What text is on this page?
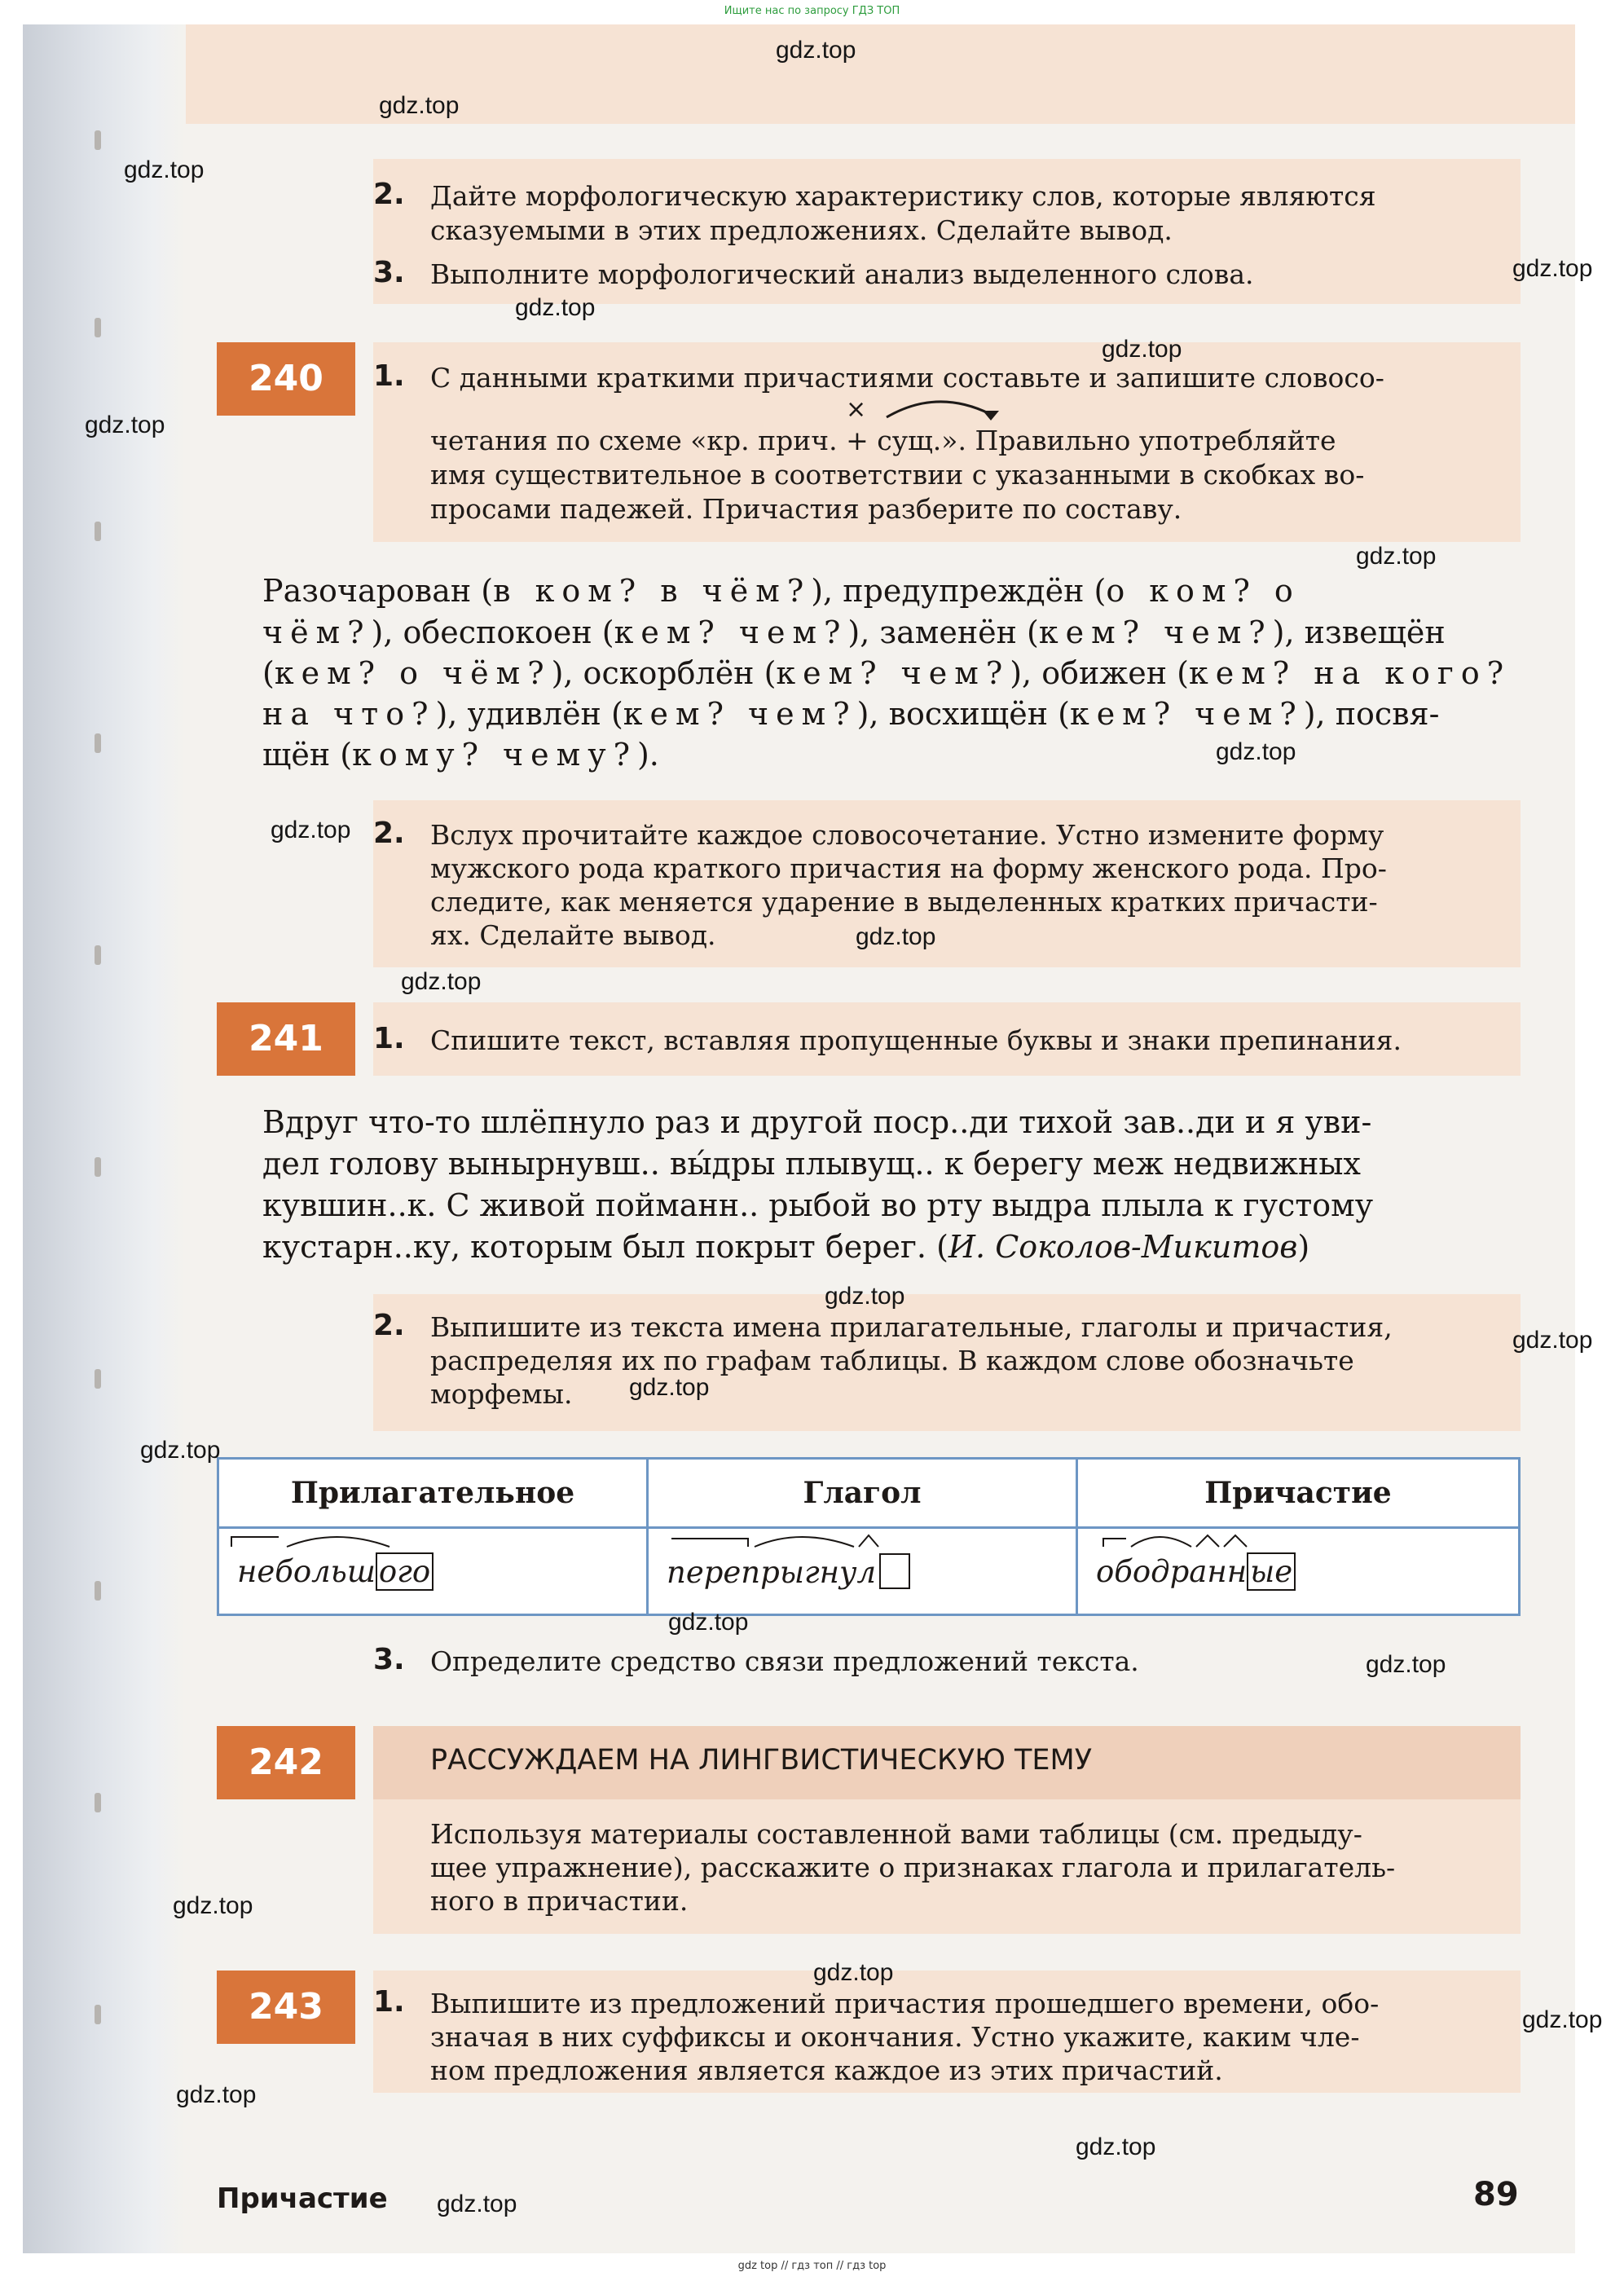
Ищите нас по запросу ГДЗ ТОП
2. Дайте морфологическую характеристику слов, которые являются
сказуемыми в этих предложениях. Сделайте вывод.
3. Выполните морфологический анализ выделенного слова.
240	1. С данными краткими причастиями составьте и запишите словосо-
×
четания по схеме «кр. прич. + сущ.». Правильно употребляйте
имя существительное в соответствии с указанными в скобках во-
просами падежей. Причастия разберите по составу.
Разочарован (в ком? в чём?), предупреждён (о ком? о
чём?), обеспокоен (кем? чем?), заменён (кем? чем?), извещён
(кем? о чём?), оскорблён (кем? чем?), обижен (кем? на кого?
на что?), удивлён (кем? чем?), восхищён (кем? чем?), посвя-
щён (кому? чему?).
2. Вслух прочитайте каждое словосочетание. Устно измените форму
мужского рода краткого причастия на форму женского рода. Про-
следите, как меняется ударение в выделенных кратких причасти-
ях. Сделайте вывод.
241	1. Спишите текст, вставляя пропущенные буквы и знаки препинания.
Вдруг что-то шлёпнуло раз и другой поср..ди тихой зав..ди и я уви-
дел голову вынырнувш.. вы́дры плывущ.. к берегу меж недвижных
кувшин..к. С живой поймaнн.. рыбой во рту выдра плыла к густому
кустарн..ку, которым был покрыт берег. (И. Соколов-Микитов)
2. Выпишите из текста имена прилагательные, глаголы и причастия,
распределяя их по графам таблицы. В каждом слове обозначьте
морфемы.
Прилагательное	Глагол	Причастие
небольш ого	перепрыгнул	ободранн ые
3. Определите средство связи предложений текста.
242	РАССУЖДАЕМ НА ЛИНГВИСТИЧЕСКУЮ ТЕМУ
Используя материалы составленной вами таблицы (см. предыду-
щее упражнение), расскажите о признаках глагола и прилагатель-
ного в причастии.
243	1. Выпишите из предложений причастия прошедшего времени, обо-
значая в них суффиксы и окончания. Устно укажите, каким чле-
ном предложения является каждое из этих причастий.
Причастие	89
gdz.top
gdz.top
gdz.top
gdz.top
gdz.top
gdz.top
gdz.top
gdz.top
gdz.top
gdz.top
gdz.top
gdz.top
gdz.top
gdz.top
gdz.top
gdz.top
gdz.top
gdz.top
gdz.top
gdz.top
gdz.top
gdz.top
gdz.top
gdz.top
gdz top // гдз топ // гдз top
